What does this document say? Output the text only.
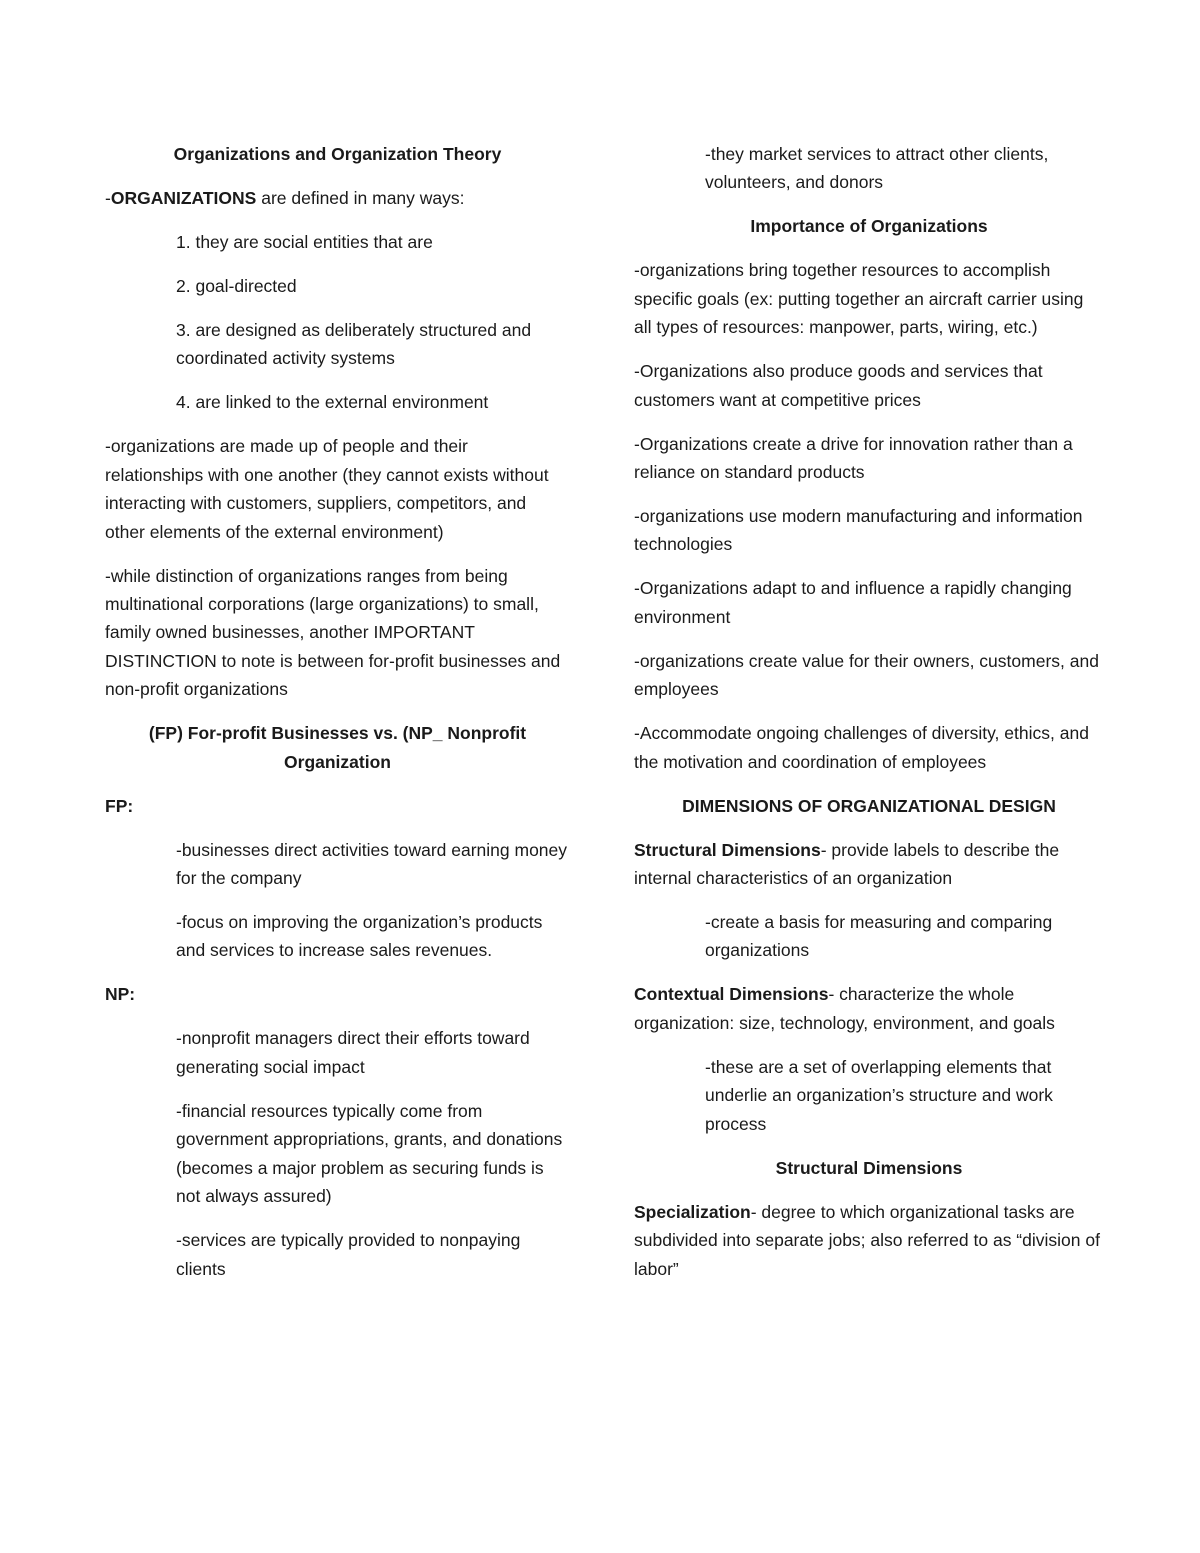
Organizations and Organization Theory

-ORGANIZATIONS are defined in many ways:

1. they are social entities that are

2. goal-directed

3. are designed as deliberately structured and coordinated activity systems

4. are linked to the external environment

-organizations are made up of people and their relationships with one another (they cannot exists without interacting with customers, suppliers, competitors, and other elements of the external environment)

-while distinction of organizations ranges from being multinational corporations (large organizations) to small, family owned businesses, another IMPORTANT DISTINCTION to note is between for-profit businesses and non-profit organizations

(FP) For-profit Businesses vs. (NP_ Nonprofit

Organization

FP:

-businesses direct activities toward earning money for the company

-focus on improving the organization’s products and services to increase sales revenues.

NP:

-nonprofit managers direct their efforts toward generating social impact

-financial resources typically come from government appropriations, grants, and donations (becomes a major problem as securing funds is not always assured)

-services are typically provided to nonpaying clients

-they market services to attract other clients, volunteers, and donors

Importance of Organizations

-organizations bring together resources to accomplish specific goals (ex: putting together an aircraft carrier using all types of resources: manpower, parts, wiring, etc.)

-Organizations also produce goods and services that customers want at competitive prices

-Organizations create a drive for innovation rather than a reliance on standard products

-organizations use modern manufacturing and information technologies

-Organizations adapt to and influence a rapidly changing environment

-organizations create value for their owners, customers, and employees

-Accommodate ongoing challenges of diversity, ethics, and the motivation and coordination of employees

DIMENSIONS OF ORGANIZATIONAL DESIGN

Structural Dimensions- provide labels to describe the internal characteristics of an organization

-create a basis for measuring and comparing organizations

Contextual Dimensions- characterize the whole organization: size, technology, environment, and goals

-these are a set of overlapping elements that underlie an organization’s structure and work process

Structural Dimensions

Specialization- degree to which organizational tasks are subdivided into separate jobs; also referred to as “division of labor”
